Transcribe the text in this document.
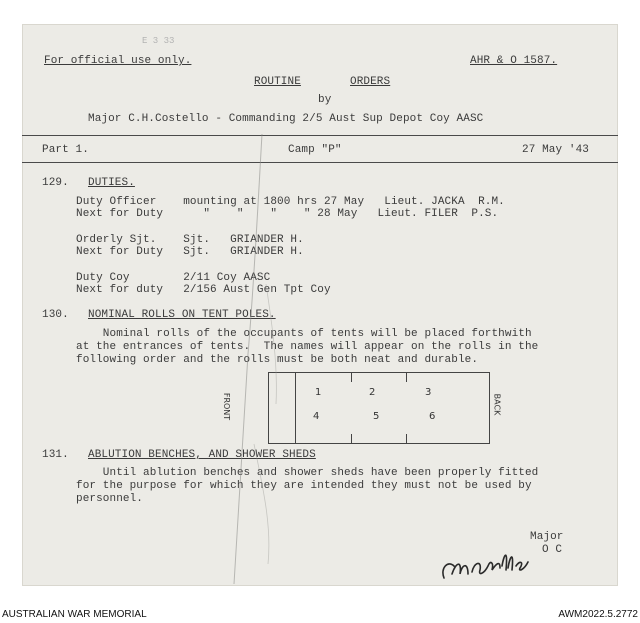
E 3 33
For official use only.	AHR & O 1587.
ROUTINE	ORDERS
by
Major C.H.Costello - Commanding 2/5 Aust Sup Depot Coy AASC
Part 1.	Camp "P"	27 May '43
129. DUTIES.
Duty Officer    mounting at 1800 hrs 27 May   Lieut. JACKA  R.M.
Next for Duty      "    "    "    " 28 May   Lieut. FILER  P.S.
Orderly Sjt.    Sjt.   GRIANDER H.
Next for Duty   Sjt.   GRIANDER H.
Duty Coy        2/11 Coy AASC
Next for duty   2/156 Aust Gen Tpt Coy
130. NOMINAL ROLLS ON TENT POLES.
Nominal rolls of the occupants of tents will be placed forthwith
at the entrances of tents.  The names will appear on the rolls in the
following order and the rolls must be both neat and durable.
1	2	3
4	5	6
FRONT	BACK
131. ABLUTION BENCHES, AND SHOWER SHEDS
Until ablution benches and shower sheds have been properly fitted
for the purpose for which they are intended they must not be used by
personnel.
Major
O C
AUSTRALIAN WAR MEMORIAL	AWM2022.5.2772
